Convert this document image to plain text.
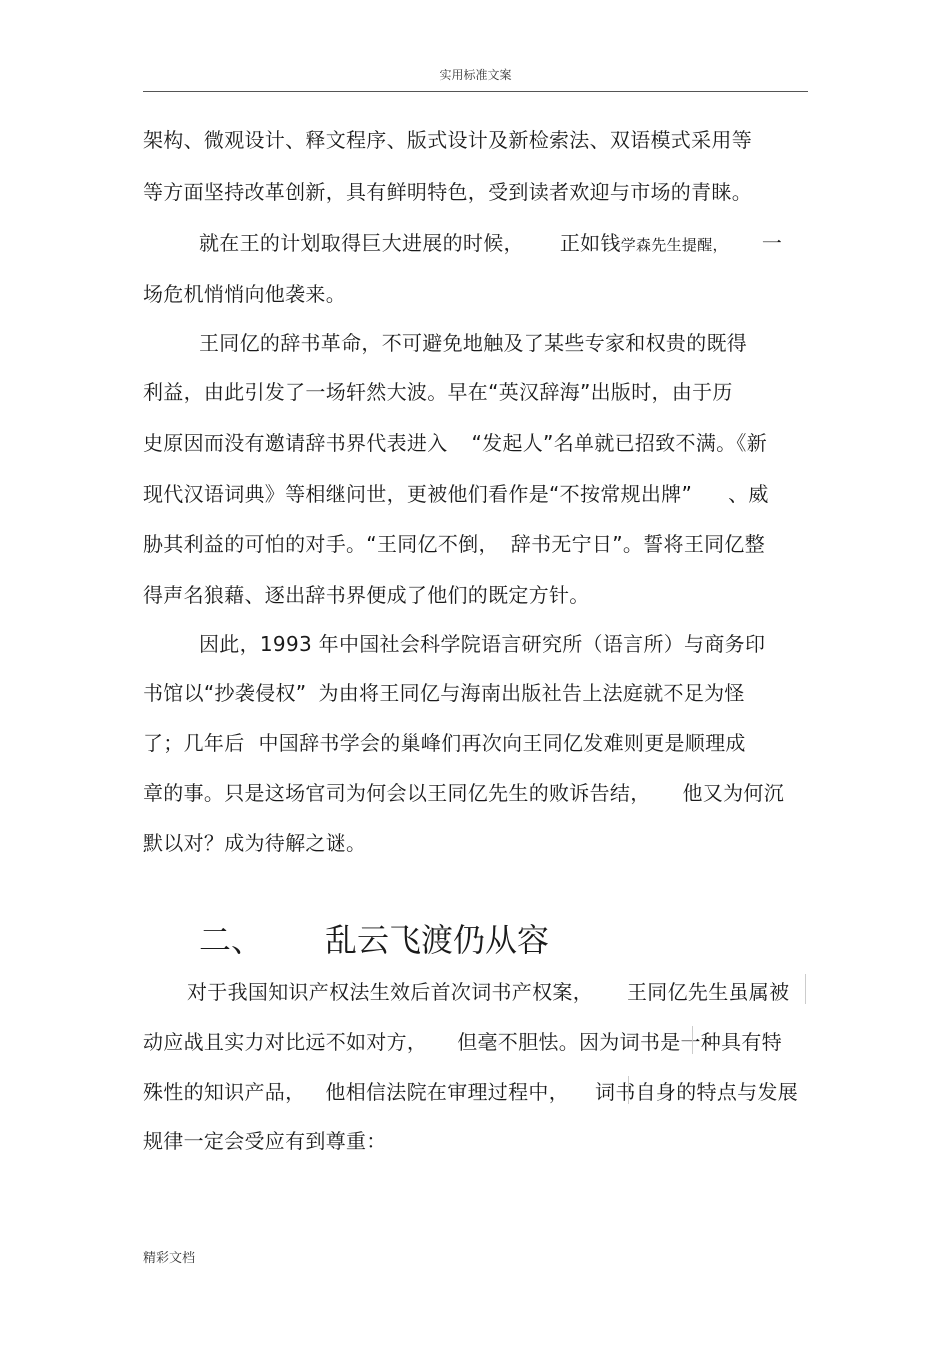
实用标准文案
架构、微观设计、释文程序、版式设计及新检索法、双语模式采用等
等方面坚持改革创新，具有鲜明特色，受到读者欢迎与市场的青睐。
就在王的计划取得巨大进展的时候， 正如钱学森先生提醒， 一
场危机悄悄向他袭来。
王同亿的辞书革命，不可避免地触及了某些专家和权贵的既得
利益，由此引发了一场轩然大波。早在“英汉辞海”出版时，由于历
史原因而没有邀请辞书界代表进入 “发起人”名单就已招致不满。《新
现代汉语词典》等相继问世，更被他们看作是“不按常规出牌” 、威
胁其利益的可怕的对手。“王同亿不倒， 辞书无宁日”。誓将王同亿整
得声名狼藉、逐出辞书界便成了他们的既定方针。
因此，1993 年中国社会科学院语言研究所（语言所）与商务印
书馆以“抄袭侵权” 为由将王同亿与海南出版社告上法庭就不足为怪
了；几年后 中国辞书学会的巢峰们再次向王同亿发难则更是顺理成
章的事。只是这场官司为何会以王同亿先生的败诉告结， 他又为何沉
默以对？成为待解之谜。
二、 乱云飞渡仍从容
对于我国知识产权法生效后首次词书产权案， 王同亿先生虽属被
动应战且实力对比远不如对方， 但毫不胆怯。因为词书是一种具有特
殊性的知识产品， 他相信法院在审理过程中， 词书自身的特点与发展
规律一定会受应有到尊重：
精彩文档
